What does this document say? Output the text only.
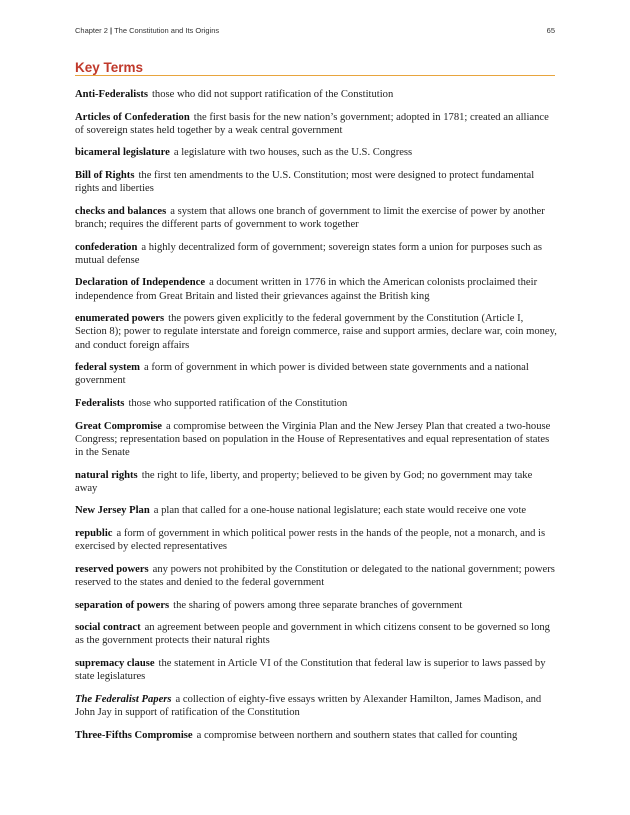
Chapter 2 | The Constitution and Its Origins	65
Key Terms

Anti-Federalists those who did not support ratification of the Constitution

Articles of Confederation the first basis for the new nation’s government; adopted in 1781; created an alliance of sovereign states held together by a weak central government

bicameral legislature a legislature with two houses, such as the U.S. Congress

Bill of Rights the first ten amendments to the U.S. Constitution; most were designed to protect fundamental rights and liberties

checks and balances a system that allows one branch of government to limit the exercise of power by another branch; requires the different parts of government to work together

confederation a highly decentralized form of government; sovereign states form a union for purposes such as mutual defense

Declaration of Independence a document written in 1776 in which the American colonists proclaimed their independence from Great Britain and listed their grievances against the British king

enumerated powers the powers given explicitly to the federal government by the Constitution (Article I, Section 8); power to regulate interstate and foreign commerce, raise and support armies, declare war, coin money, and conduct foreign affairs

federal system a form of government in which power is divided between state governments and a national government

Federalists those who supported ratification of the Constitution

Great Compromise a compromise between the Virginia Plan and the New Jersey Plan that created a two-house Congress; representation based on population in the House of Representatives and equal representation of states in the Senate

natural rights the right to life, liberty, and property; believed to be given by God; no government may take away

New Jersey Plan a plan that called for a one-house national legislature; each state would receive one vote

republic a form of government in which political power rests in the hands of the people, not a monarch, and is exercised by elected representatives

reserved powers any powers not prohibited by the Constitution or delegated to the national government; powers reserved to the states and denied to the federal government

separation of powers the sharing of powers among three separate branches of government

social contract an agreement between people and government in which citizens consent to be governed so long as the government protects their natural rights

supremacy clause the statement in Article VI of the Constitution that federal law is superior to laws passed by state legislatures

The Federalist Papers a collection of eighty-five essays written by Alexander Hamilton, James Madison, and John Jay in support of ratification of the Constitution

Three-Fifths Compromise a compromise between northern and southern states that called for counting
